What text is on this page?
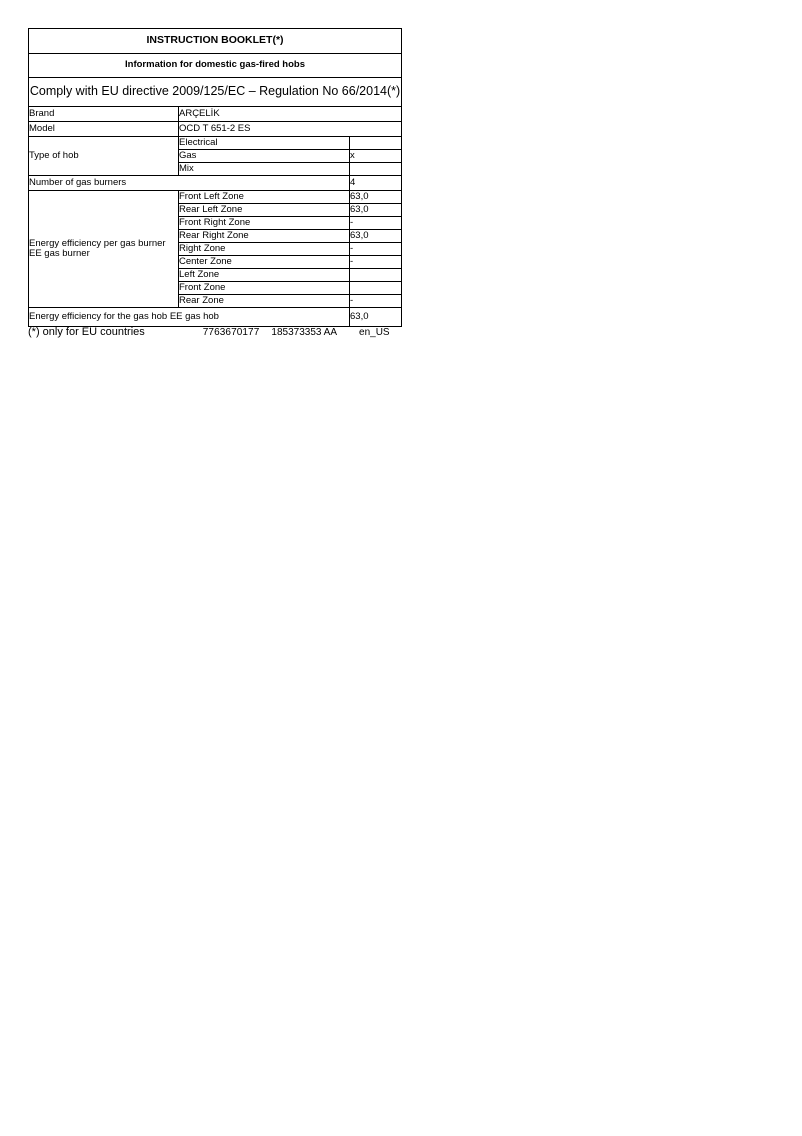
INSTRUCTION BOOKLET(*)		
Information for domestic gas-fired hobs		
Comply with EU directive 2009/125/EC – Regulation No 66/2014(*)		
Brand	ARÇELİK	
Model	OCD T 651-2 ES	
Type of hob	Electrical	
	Gas	x
	Mix	
Number of gas burners		4

Energy efficiency per gas burner
EE gas burner	Front Left Zone	63,0
	Rear Left Zone	63,0
	Front Right Zone	-
	Rear Right Zone	63,0
	Right Zone	-
	Center Zone	-
	Left Zone	
	Front Zone	
	Rear Zone	-
Energy efficiency for the gas hob EE gas hob		63,0
(*) only for EU countries	7763670177 185373353 AA en_US
